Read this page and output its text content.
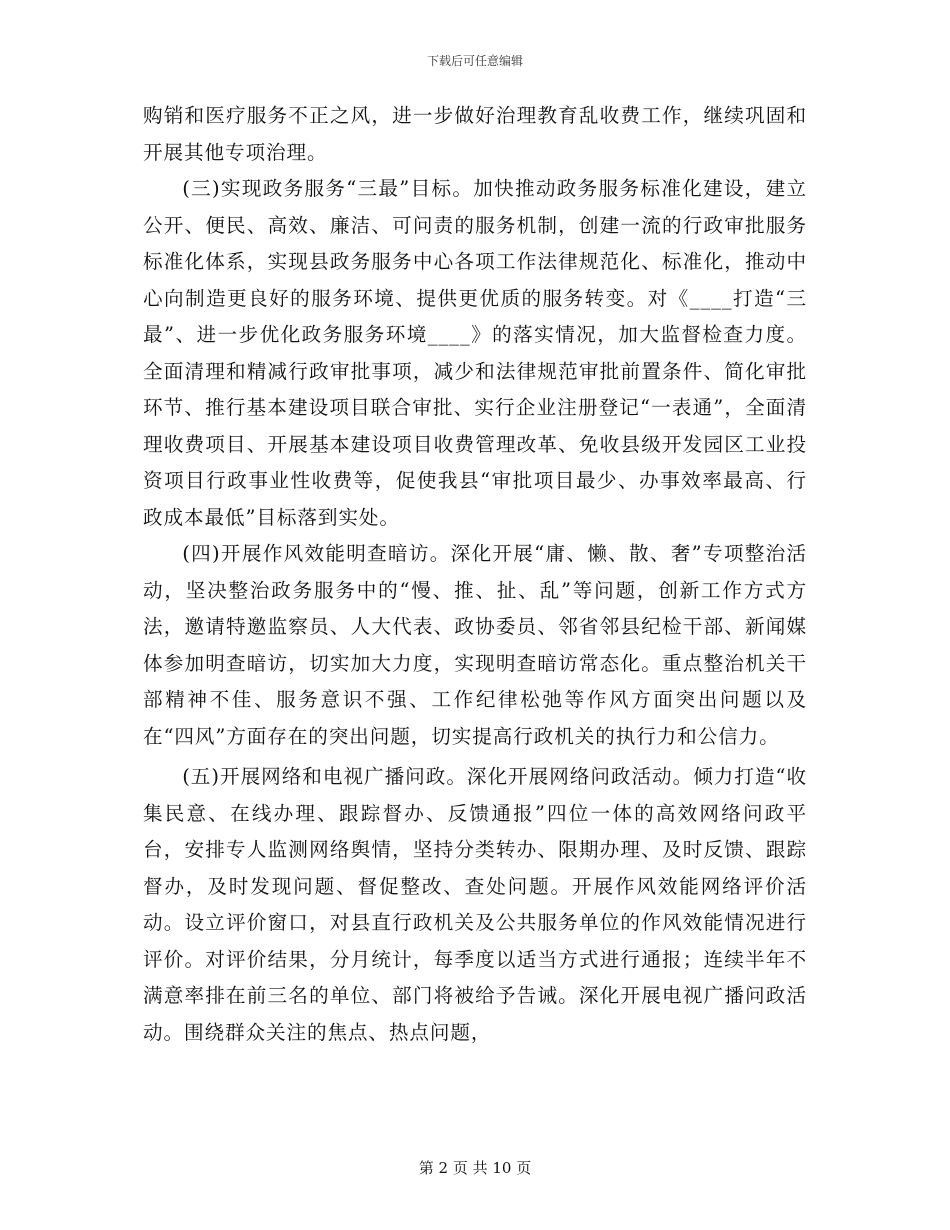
下载后可任意编辑

购销和医疗服务不正之风，进一步做好治理教育乱收费工作，继续巩固和开展其他专项治理。

(三)实现政务服务“三最”目标。加快推动政务服务标准化建设，建立公开、便民、高效、廉洁、可问责的服务机制，创建一流的行政审批服务标准化体系，实现县政务服务中心各项工作法律规范化、标准化，推动中心向制造更良好的服务环境、提供更优质的服务转变。对《____打造“三最”、进一步优化政务服务环境____》的落实情况，加大监督检查力度。全面清理和精减行政审批事项，减少和法律规范审批前置条件、简化审批环节、推行基本建设项目联合审批、实行企业注册登记“一表通”，全面清理收费项目、开展基本建设项目收费管理改革、免收县级开发园区工业投资项目行政事业性收费等，促使我县“审批项目最少、办事效率最高、行政成本最低”目标落到实处。

(四)开展作风效能明查暗访。深化开展“庸、懒、散、奢”专项整治活动，坚决整治政务服务中的“慢、推、扯、乱”等问题，创新工作方式方法，邀请特邀监察员、人大代表、政协委员、邻省邻县纪检干部、新闻媒体参加明查暗访，切实加大力度，实现明查暗访常态化。重点整治机关干部精神不佳、服务意识不强、工作纪律松弛等作风方面突出问题以及在“四风”方面存在的突出问题，切实提高行政机关的执行力和公信力。

(五)开展网络和电视广播问政。深化开展网络问政活动。倾力打造“收集民意、在线办理、跟踪督办、反馈通报”四位一体的高效网络问政平台，安排专人监测网络舆情，坚持分类转办、限期办理、及时反馈、跟踪督办，及时发现问题、督促整改、查处问题。开展作风效能网络评价活动。设立评价窗口，对县直行政机关及公共服务单位的作风效能情况进行评价。对评价结果，分月统计，每季度以适当方式进行通报；连续半年不满意率排在前三名的单位、部门将被给予告诫。深化开展电视广播问政活动。围绕群众关注的焦点、热点问题，

第 2 页 共 10 页
